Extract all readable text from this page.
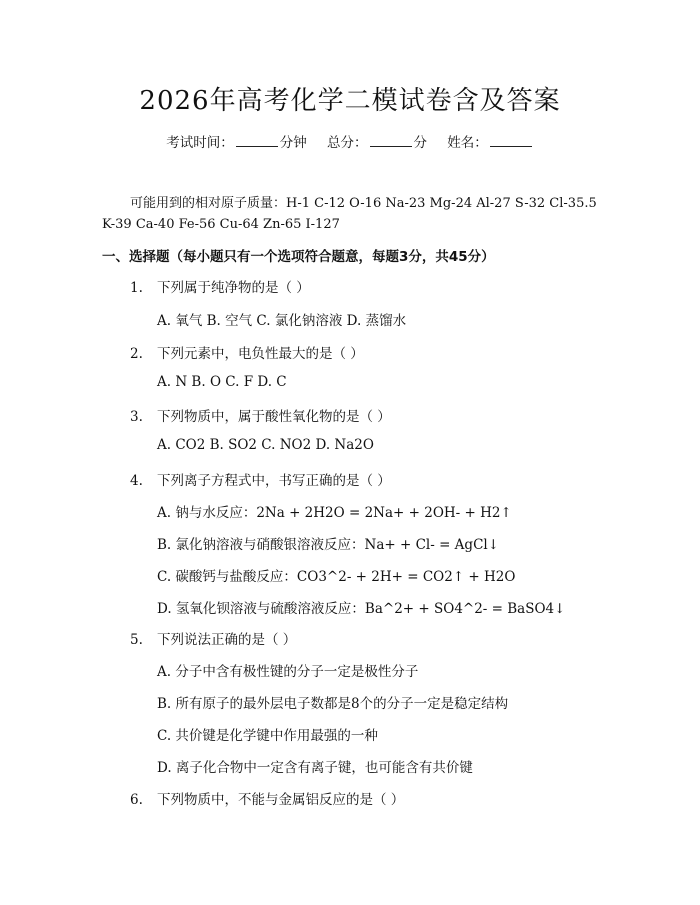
2026年高考化学二模试卷含及答案
考试时间：	分钟 总分：	分 姓名：
可能用到的相对原子质量：H-1 C-12 O-16 Na-23 Mg-24 Al-27 S-32 Cl-35.5 K-39 Ca-40 Fe-56 Cu-64 Zn-65 I-127
一、选择题（每小题只有一个选项符合题意，每题3分，共45分）
1. 下列属于纯净物的是（ ）
A. 氧气 B. 空气 C. 氯化钠溶液 D. 蒸馏水
2. 下列元素中，电负性最大的是（ ）
A. N B. O C. F D. C
3. 下列物质中，属于酸性氧化物的是（ ）
A. CO2 B. SO2 C. NO2 D. Na2O
4. 下列离子方程式中，书写正确的是（ ）
A. 钠与水反应：2Na + 2H2O = 2Na+ + 2OH- + H2↑
B. 氯化钠溶液与硝酸银溶液反应：Na+ + Cl- = AgCl↓
C. 碳酸钙与盐酸反应：CO3^2- + 2H+ = CO2↑ + H2O
D. 氢氧化钡溶液与硫酸溶液反应：Ba^2+ + SO4^2- = BaSO4↓
5. 下列说法正确的是（ ）
A. 分子中含有极性键的分子一定是极性分子
B. 所有原子的最外层电子数都是8个的分子一定是稳定结构
C. 共价键是化学键中作用最强的一种
D. 离子化合物中一定含有离子键，也可能含有共价键
6. 下列物质中，不能与金属铝反应的是（ ）
